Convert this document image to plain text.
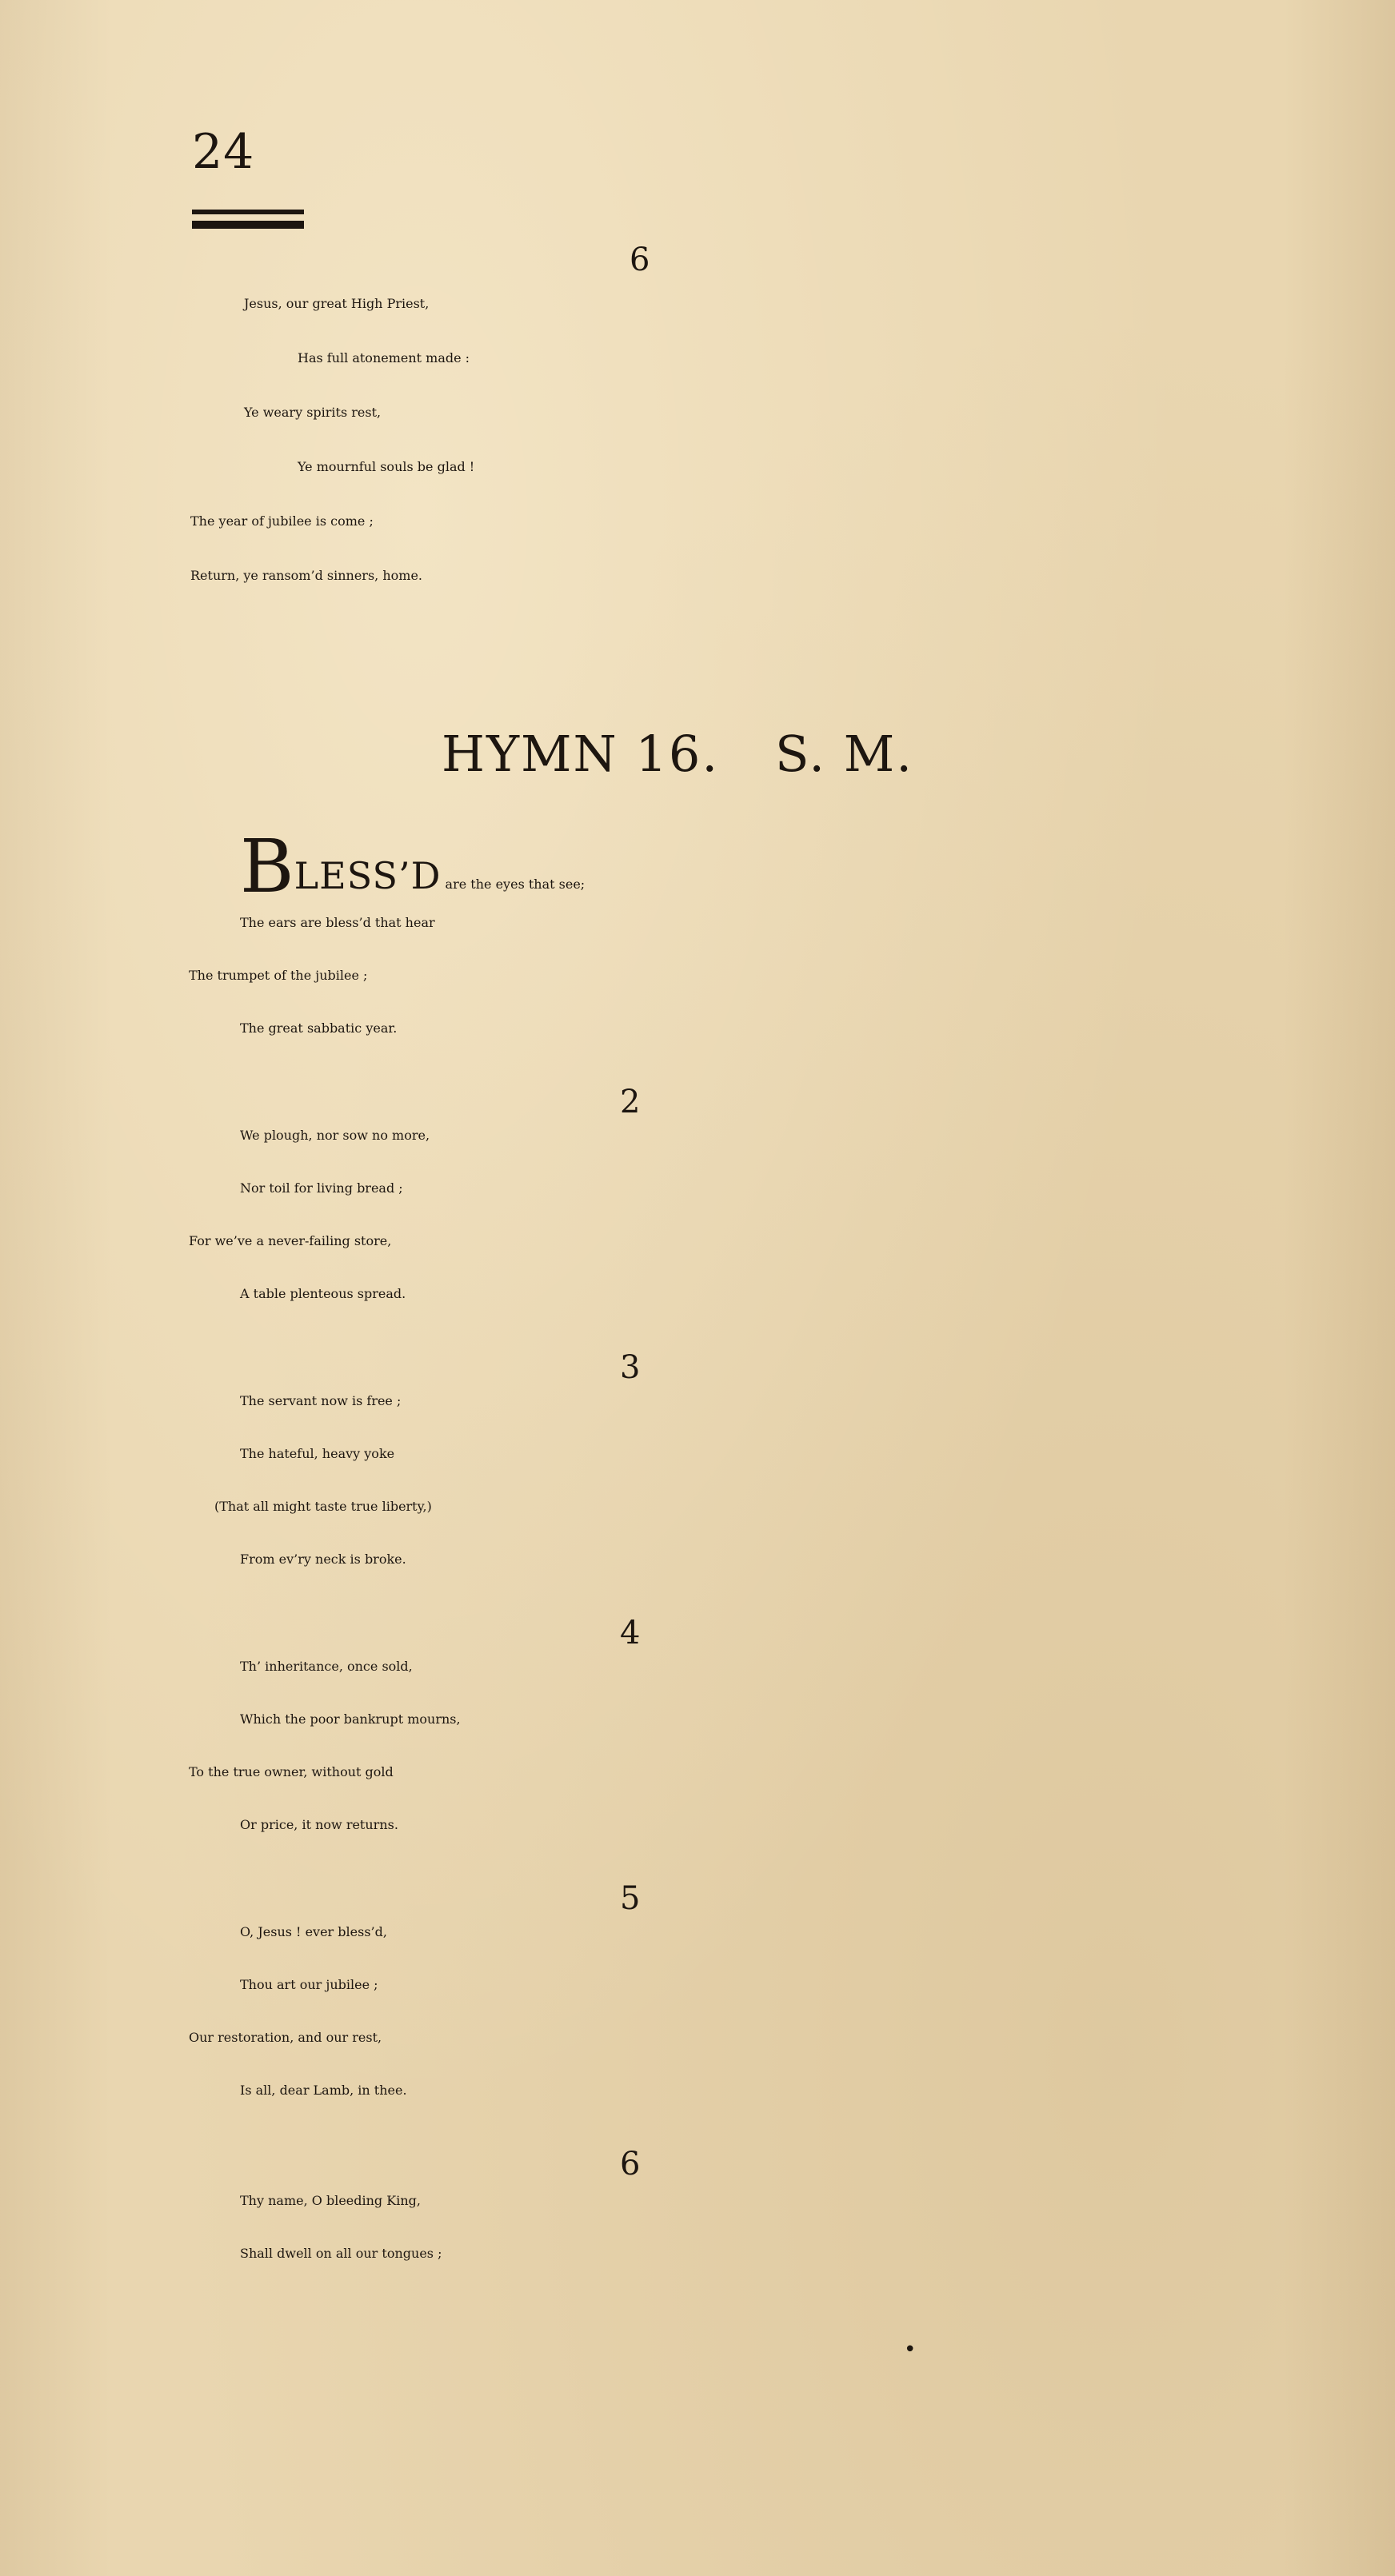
24
6
Jesus, our great High Priest,
Has full atonement made :
Ye weary spirits rest,
Ye mournful souls be glad !
The year of jubilee is come ;
Return, ye ransom’d sinners, home.
HYMN 16. S. M.
BLESS’D are the eyes that see;
The ears are bless’d that hear
The trumpet of the jubilee ;
The great sabbatic year.
2
We plough, nor sow no more,
Nor toil for living bread ;
For we’ve a never-failing store,
A table plenteous spread.
3
The servant now is free ;
The hateful, heavy yoke
(That all might taste true liberty,)
From ev’ry neck is broke.
4
Th’ inheritance, once sold,
Which the poor bankrupt mourns,
To the true owner, without gold
Or price, it now returns.
5
O, Jesus ! ever bless’d,
Thou art our jubilee ;
Our restoration, and our rest,
Is all, dear Lamb, in thee.
6
Thy name, O bleeding King,
Shall dwell on all our tongues ;
•
